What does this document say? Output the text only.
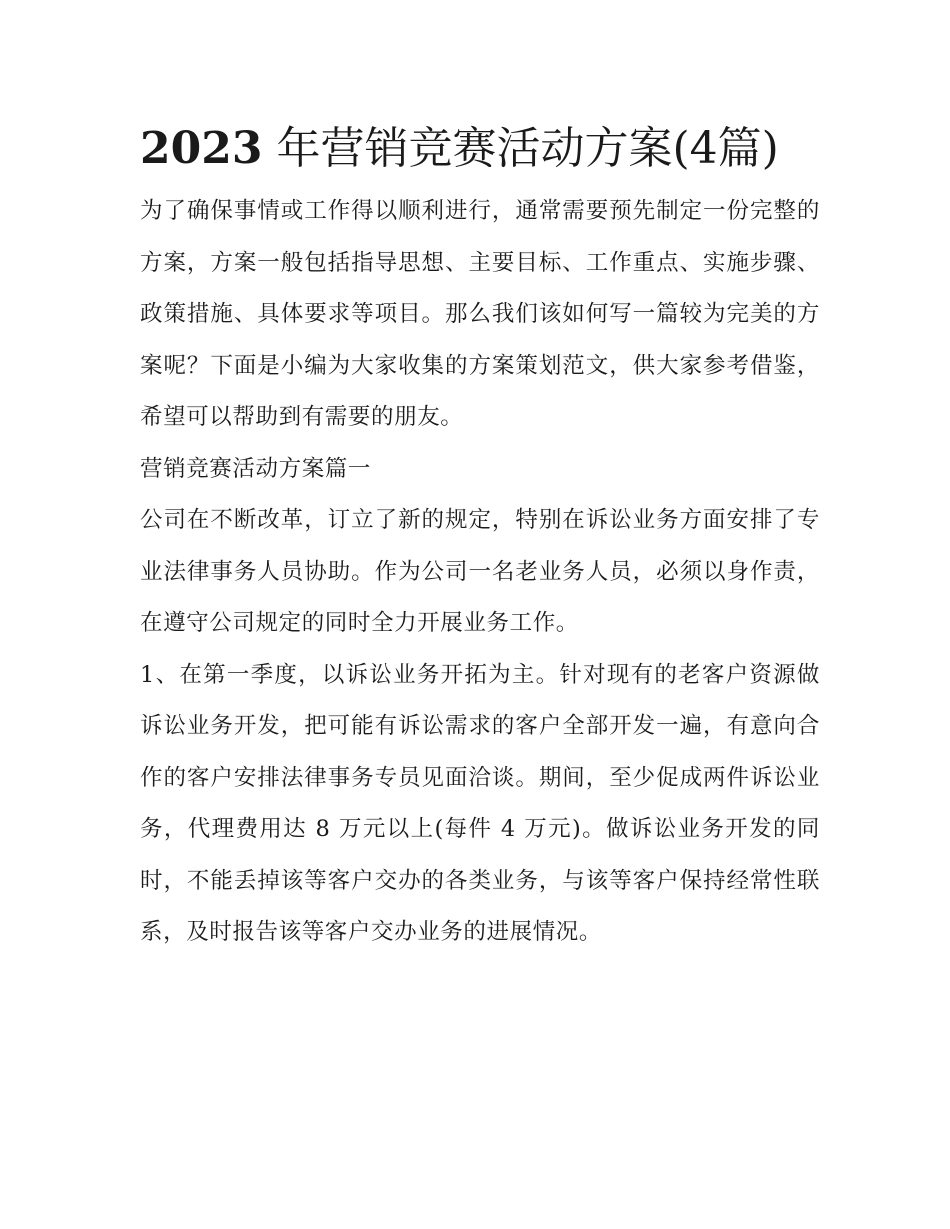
2023 年营销竞赛活动方案(4篇)

为了确保事情或工作得以顺利进行，通常需要预先制定一份完整的方案，方案一般包括指导思想、主要目标、工作重点、实施步骤、政策措施、具体要求等项目。那么我们该如何写一篇较为完美的方案呢？下面是小编为大家收集的方案策划范文，供大家参考借鉴，希望可以帮助到有需要的朋友。

营销竞赛活动方案篇一

公司在不断改革，订立了新的规定，特别在诉讼业务方面安排了专业法律事务人员协助。作为公司一名老业务人员，必须以身作责，在遵守公司规定的同时全力开展业务工作。

1、在第一季度，以诉讼业务开拓为主。针对现有的老客户资源做诉讼业务开发，把可能有诉讼需求的客户全部开发一遍，有意向合作的客户安排法律事务专员见面洽谈。期间，至少促成两件诉讼业务，代理费用达 8 万元以上(每件 4 万元)。做诉讼业务开发的同时，不能丢掉该等客户交办的各类业务，与该等客户保持经常性联系，及时报告该等客户交办业务的进展情况。
